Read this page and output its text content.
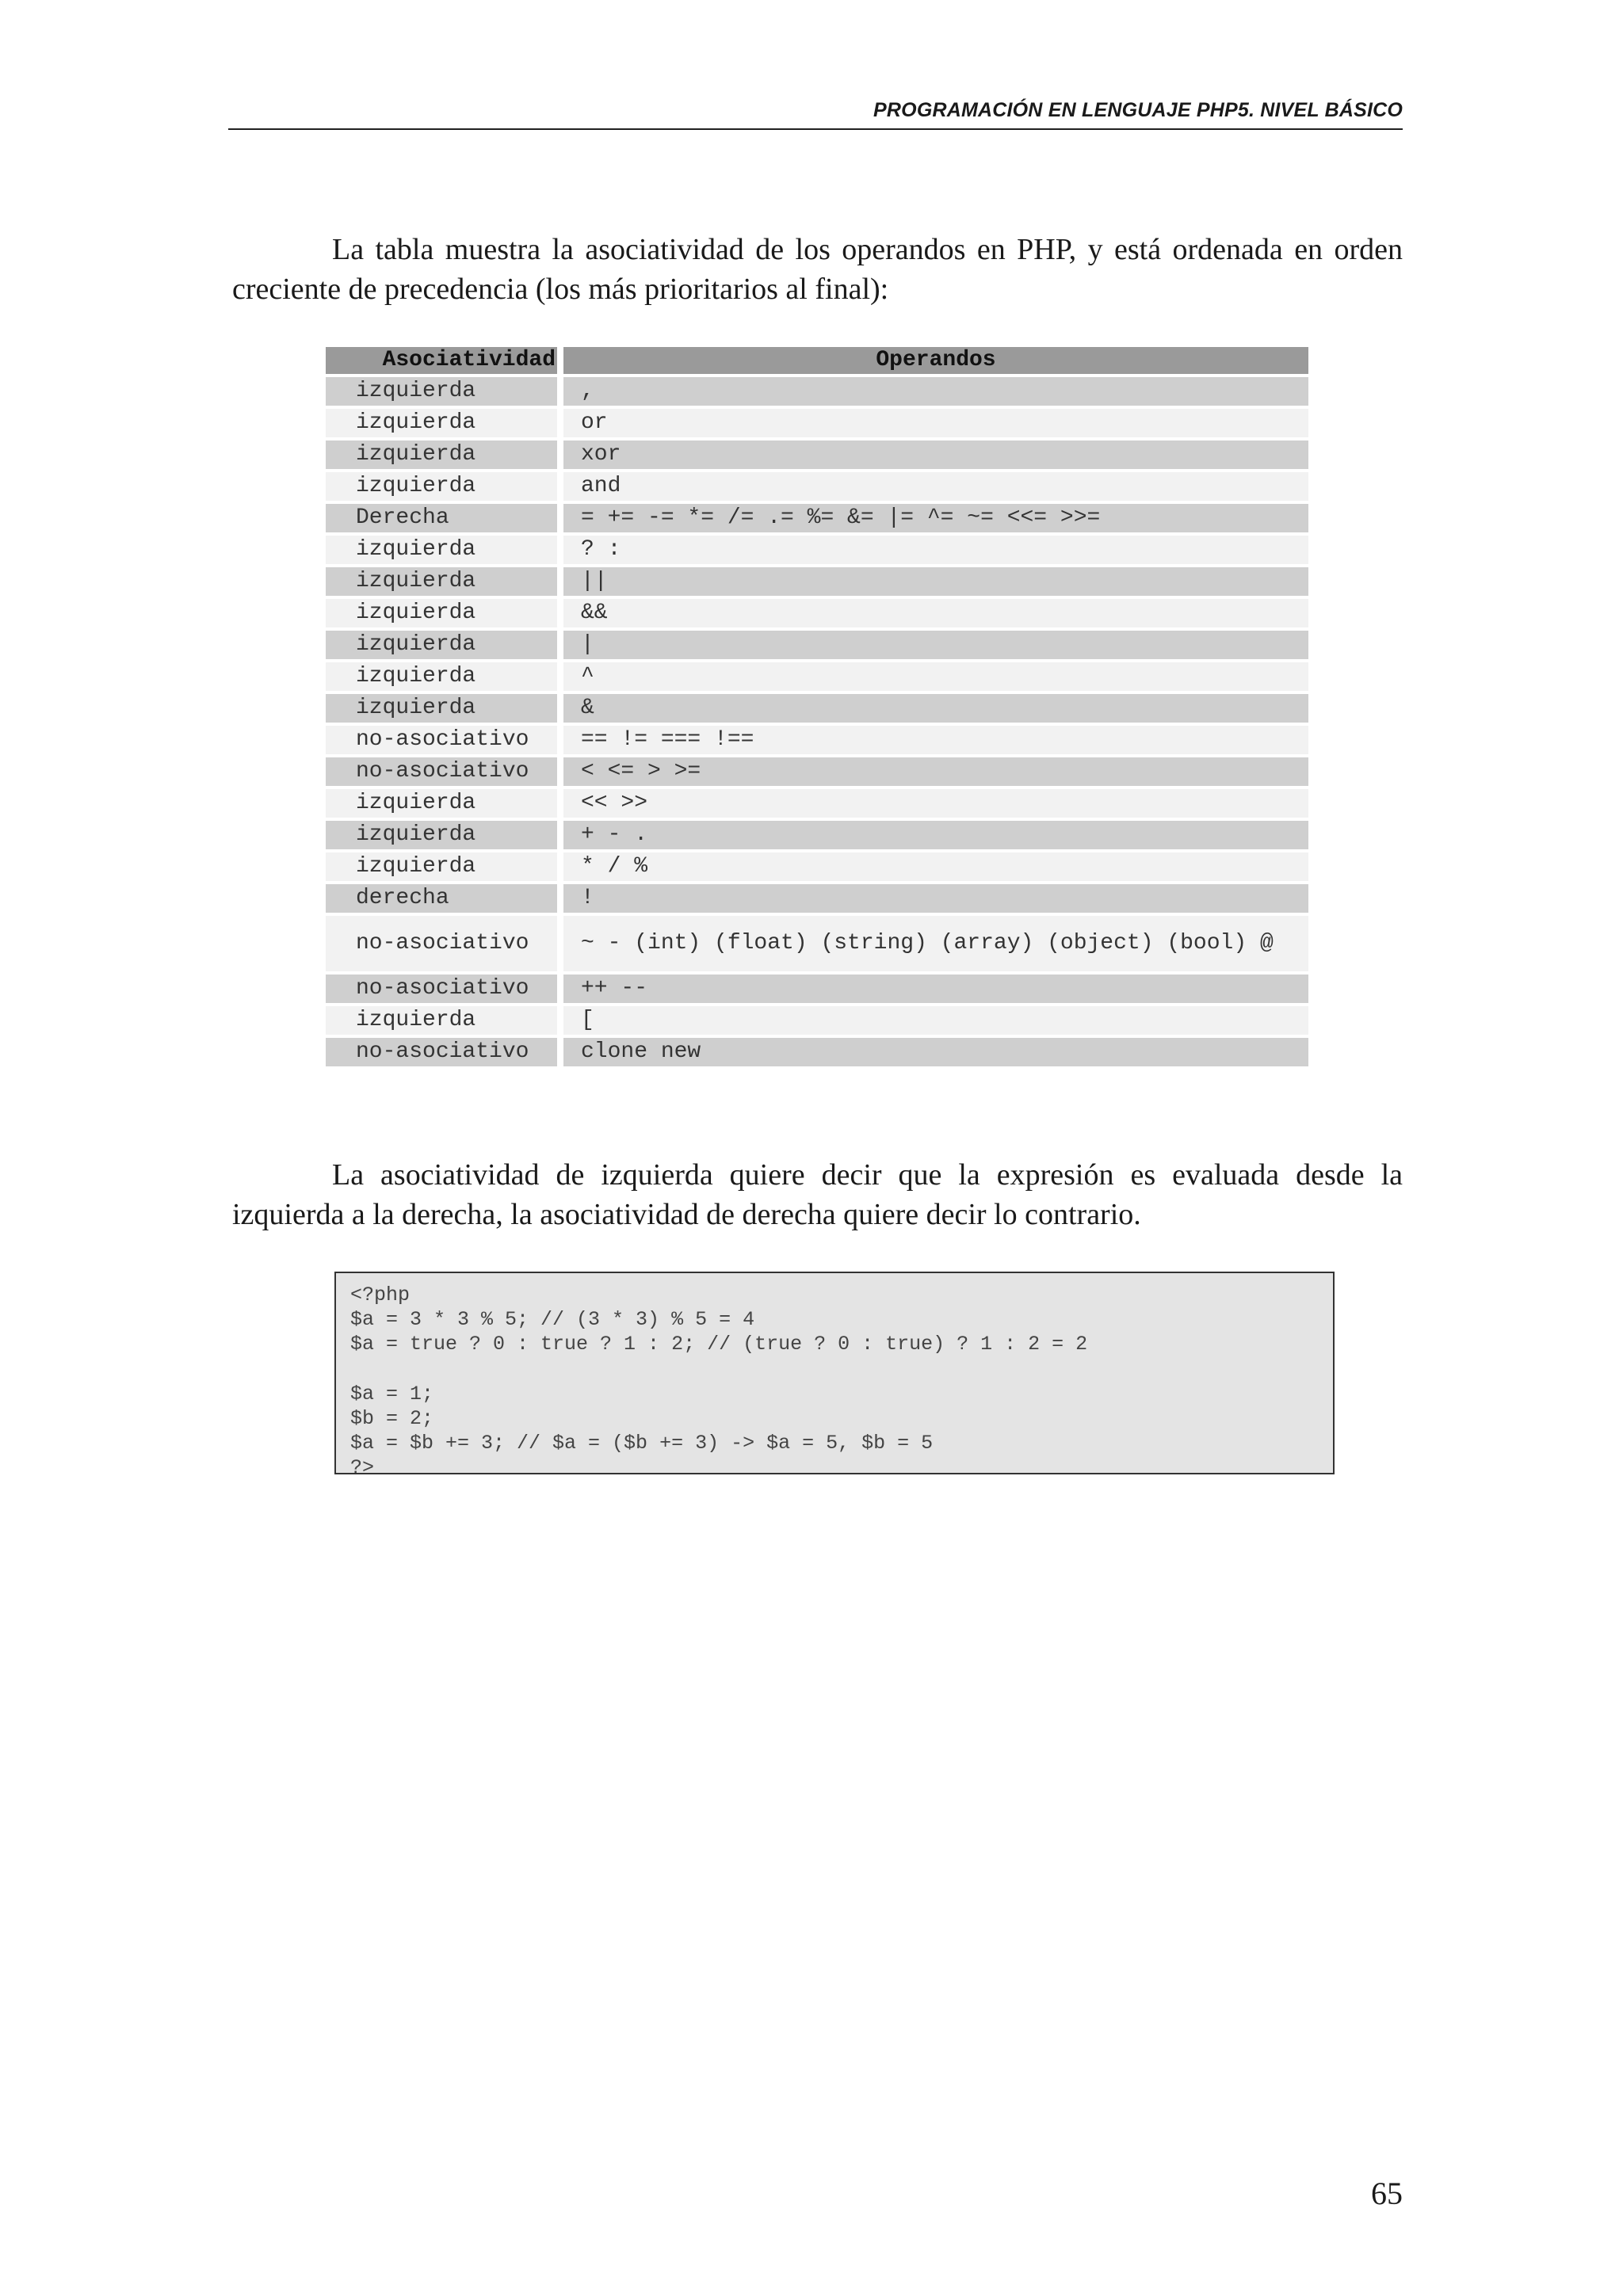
PROGRAMACIÓN EN LENGUAJE PHP5. NIVEL BÁSICO

La tabla muestra la asociatividad de los operandos en PHP, y está ordenada en orden creciente de precedencia (los más prioritarios al final):

Asociatividad		Operandos
izquierda		,
izquierda		or
izquierda		xor
izquierda		and
Derecha		= += -= *= /= .= %= &= |= ^= ~= <<= >>=
izquierda		? :
izquierda		||
izquierda		&&
izquierda		|
izquierda		^
izquierda		&
no-asociativo		== != === !==
no-asociativo		< <= > >=
izquierda		<< >>
izquierda		+ - .
izquierda		* / %
derecha		!
no-asociativo		~ - (int) (float) (string) (array) (object) (bool) @
no-asociativo		++ --
izquierda		[
no-asociativo		clone new

La asociatividad de izquierda quiere decir que la expresión es evaluada desde la izquierda a la derecha, la asociatividad de derecha quiere decir lo contrario.

<?php
$a = 3 * 3 % 5; // (3 * 3) % 5 = 4
$a = true ? 0 : true ? 1 : 2; // (true ? 0 : true) ? 1 : 2 = 2
$a = 1;
$b = 2;
$a = $b += 3; // $a = ($b += 3) -> $a = 5, $b = 5
?>
65
